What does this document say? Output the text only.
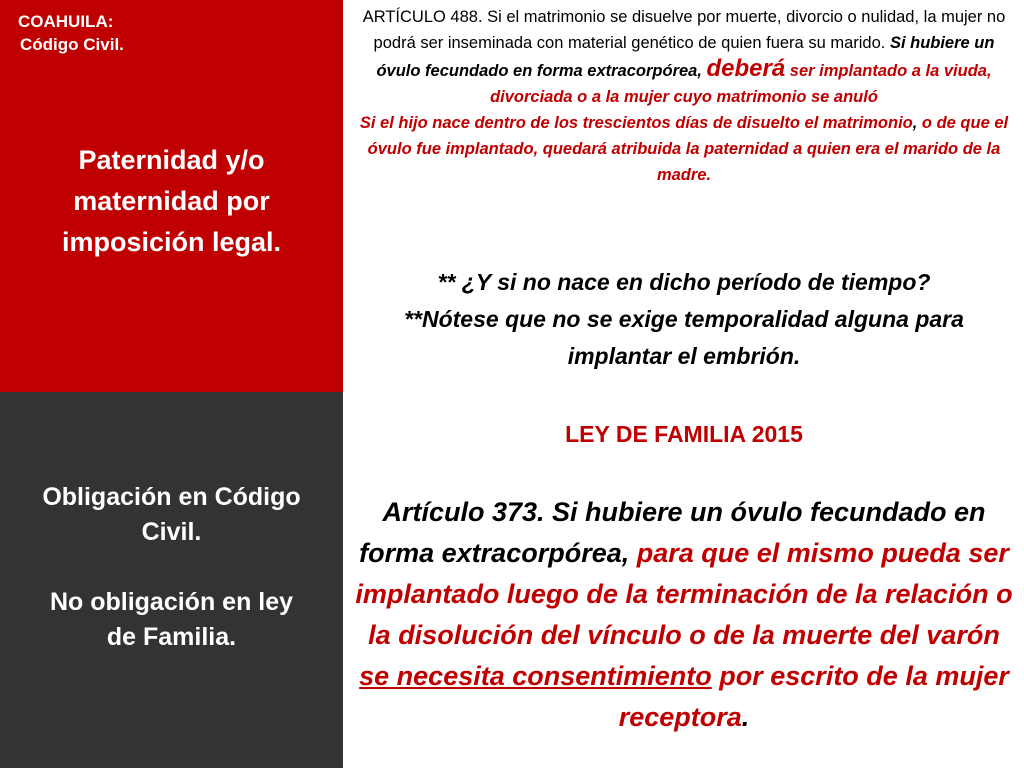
COAHUILA:
Código Civil.
Paternidad y/o
maternidad por
imposición legal.
Obligación en Código
Civil.
No obligación en ley
de Familia.
ARTÍCULO 488. Si el matrimonio se disuelve por muerte, divorcio o nulidad, la mujer no podrá ser inseminada con material genético de quien fuera su marido. Si hubiere un óvulo fecundado en forma extracorpórea, deberá ser implantado a la viuda, divorciada o a la mujer cuyo matrimonio se anuló
Si el hijo nace dentro de los trescientos días de disuelto el matrimonio, o de que el óvulo fue implantado, quedará atribuida la paternidad a quien era el marido de la madre.
** ¿Y si no nace en dicho período de tiempo?
**Nótese que no se exige temporalidad alguna para implantar el embrión.
LEY DE FAMILIA 2015
Artículo 373. Si hubiere un óvulo fecundado en forma extracorpórea, para que el mismo pueda ser implantado luego de la terminación de la relación o la disolución del vínculo o de la muerte del varón se necesita consentimiento por escrito de la mujer receptora.
